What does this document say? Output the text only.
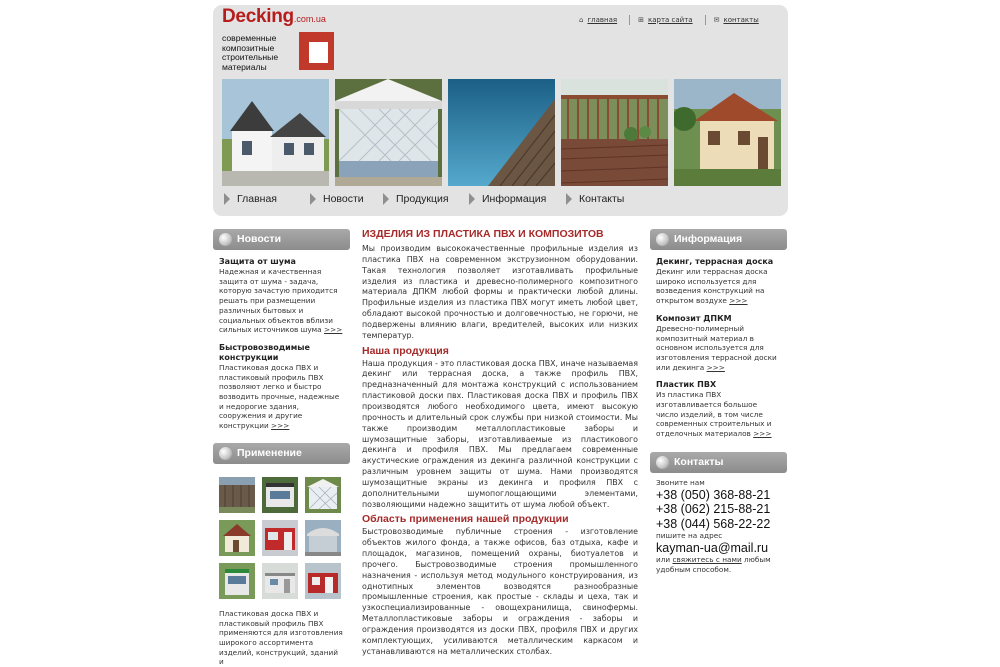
Decking.com.ua
современные композитные строительные материалы
⌂ главная	⊞ карта сайта	✉ контакты
Главная	Новости	Продукция	Информация	Контакты
Новости
Защита от шума
Надежная и качественная защита от шума - задача, которую зачастую приходится решать при размещении различных бытовых и социальных объектов вблизи сильных источников шума >>>
Быстровозводимые конструкции
Пластиковая доска ПВХ и пластиковый профиль ПВХ позволяют легко и быстро возводить прочные, надежные и недорогие здания, сооружения и другие конструкции >>>
Применение
Пластиковая доска ПВХ и пластиковый профиль ПВХ применяются для изготовления широкого ассортимента изделий, конструкций, зданий и
ИЗДЕЛИЯ ИЗ ПЛАСТИКА ПВХ И КОМПОЗИТОВ
Мы производим высококачественные профильные изделия из пластика ПВХ на современном экструзионном оборудовании. Такая технология позволяет изготавливать профильные изделия из пластика и древесно-полимерного композитного материала ДПКМ любой формы и практически любой длины. Профильные изделия из пластика ПВХ могут иметь любой цвет, обладают высокой прочностью и долговечностью, не горючи, не подвержены влиянию влаги, вредителей, высоких или низких температур.
Наша продукция
Наша продукция - это пластиковая доска ПВХ, иначе называемая декинг или террасная доска, а также профиль ПВХ, предназначенный для монтажа конструкций с использованием пластиковой доски пвх. Пластиковая доска ПВХ и профиль ПВХ производятся любого необходимого цвета, имеют высокую прочность и длительный срок службы при низкой стоимости. Мы также производим металлопластиковые заборы и шумозащитные заборы, изготавливаемые из пластикового декинга и профиля ПВХ. Мы предлагаем современные акустические ограждения из декинга различной конструкции с различным уровнем защиты от шума. Нами производятся шумозащитные экраны из декинга и профиля ПВХ с дополнительными шумопоглощающими элементами, позволяющими надежно защитить от шума любой объект.
Область применения нашей продукции
Быстровозводимые публичные строения - изготовление объектов жилого фонда, а также офисов, баз отдыха, кафе и площадок, магазинов, помещений охраны, биотуалетов и прочего. Быстровозводимые строения промышленного назначения - используя метод модульного конструирования, из однотипных элементов возводятся разнообразные промышленные строения, как простые - склады и цеха, так и узкоспециализированные - овощехранилища, свинофермы. Металлопластиковые заборы и ограждения - заборы и ограждения производятся из доски ПВХ, профиля ПВХ и других комплектующих, усиливаются металлическим каркасом и устанавливаются на металлических столбах.
Информация
Декинг, террасная доска
Декинг или террасная доска широко используется для возведения конструкций на открытом воздухе >>>
Композит ДПКМ
Древесно-полимерный композитный материал в основном используется для изготовления террасной доски или декинга >>>
Пластик ПВХ
Из пластика ПВХ изготавливается большое число изделий, в том числе современных строительных и отделочных материалов >>>
Контакты
Звоните нам
+38 (050) 368-88-21
+38 (062) 215-88-21
+38 (044) 568-22-22
пишите на адрес
kayman-ua@mail.ru
или свяжитесь с нами любым удобным способом.
